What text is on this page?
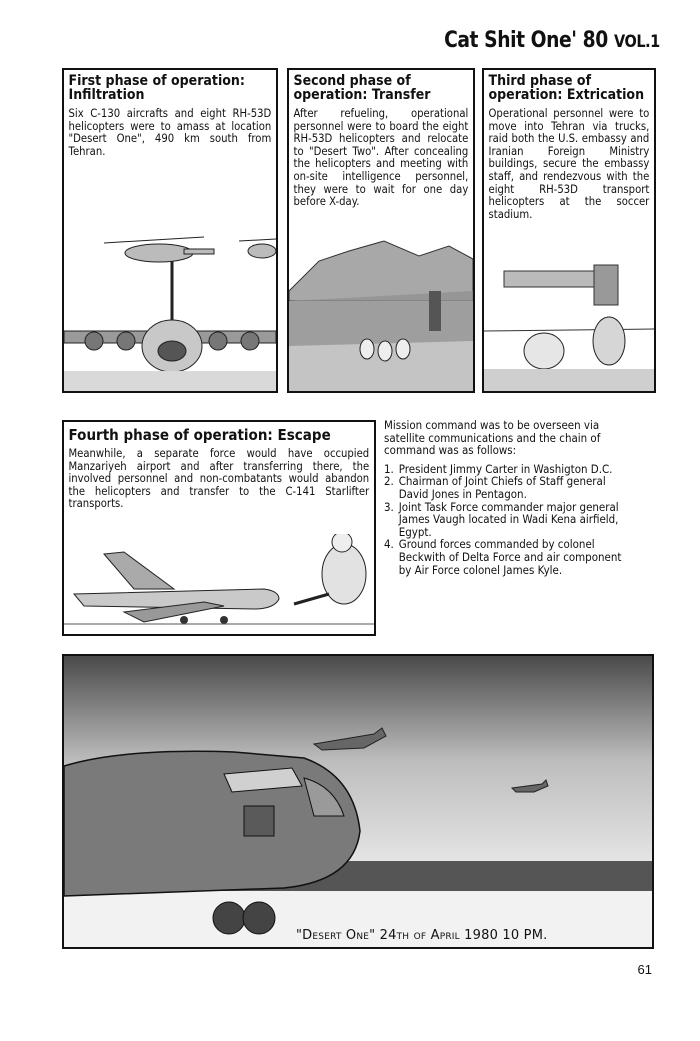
Cat Shit One' 80 VOL.1
First phase of operation: Infiltration
Six C-130 aircrafts and eight RH-53D helicopters were to amass at location "Desert One", 490 km south from Tehran.
Second phase of operation: Transfer
After refueling, operational personnel were to board the eight RH-53D helicopters and relocate to "Desert Two". After concealing the helicopters and meeting with on-site intelligence personnel, they were to wait for one day before X-day.
Third phase of operation: Extrication
Operational personnel were to move into Tehran via trucks, raid both the U.S. embassy and Iranian Foreign Ministry buildings, secure the embassy staff, and rendezvous with the eight RH-53D transport helicopters at the soccer stadium.
Fourth phase of operation: Escape
Meanwhile, a separate force would have occupied Manzariyeh airport and after transferring there, the involved personnel and non-combatants would abandon the helicopters and transfer to the C-141 Starlifter transports.

Mission command was to be overseen via satellite communications and the chain of command was as follows:

1. President Jimmy Carter in Washigton D.C.
2. Chairman of Joint Chiefs of Staff general David Jones in Pentagon.
3. Joint Task Force commander major general James Vaugh located in Wadi Kena airfield, Egypt.
4. Ground forces commanded by colonel Beckwith of Delta Force and air component by Air Force colonel James Kyle.
"Desert One" 24th of April 1980 10 PM.
61
